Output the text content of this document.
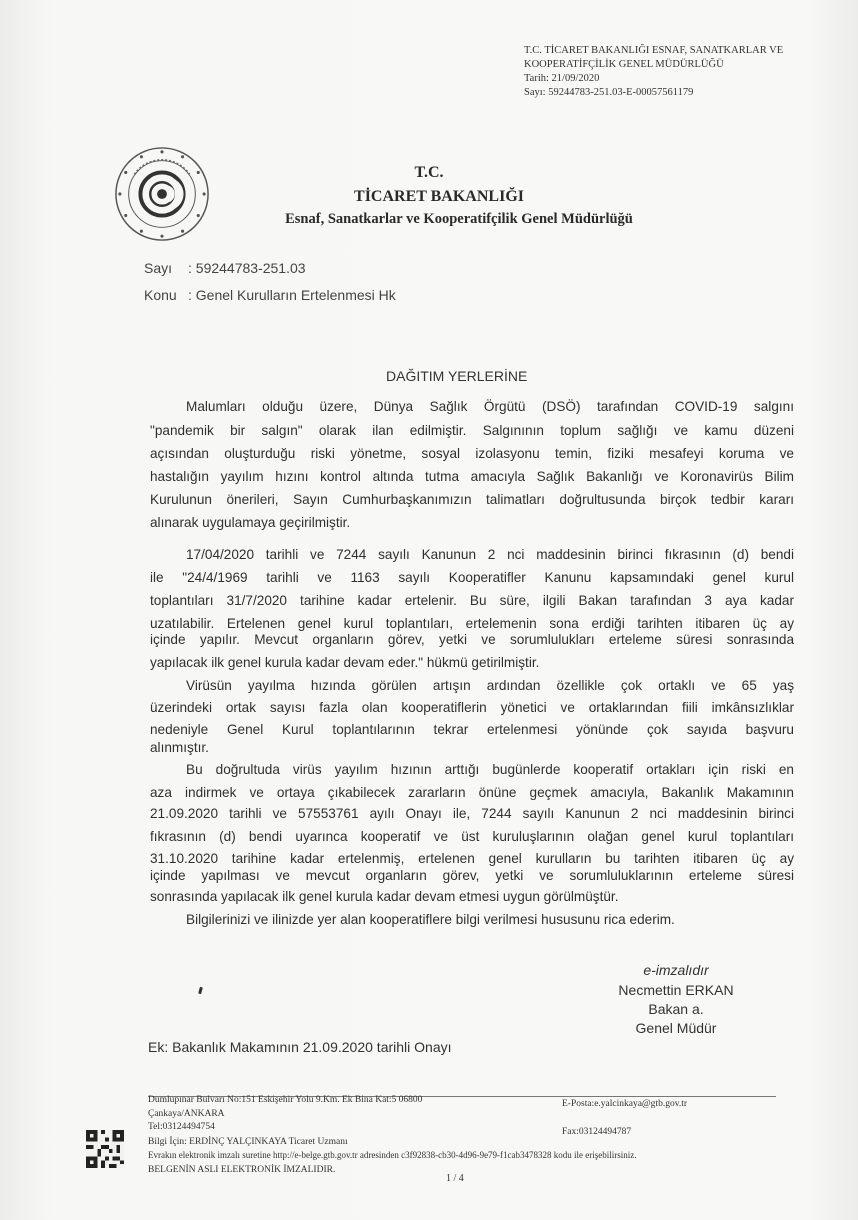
T.C. TİCARET BAKANLIĞI ESNAF, SANATKARLAR VE
KOOPERATİFÇİLİK GENEL MÜDÜRLÜĞÜ
Tarih: 21/09/2020
Sayı: 59244783-251.03-E-00057561179
T.C.
TİCARET BAKANLIĞI
Esnaf, Sanatkarlar ve Kooperatifçilik Genel Müdürlüğü
Sayı : 59244783-251.03
Konu : Genel Kurulların Ertelenmesi Hk
DAĞITIM YERLERİNE
Malumları olduğu üzere, Dünya Sağlık Örgütü (DSÖ) tarafından COVID-19 salgını
"pandemik bir salgın" olarak ilan edilmiştir. Salgınının toplum sağlığı ve kamu düzeni
açısından oluşturduğu riski yönetme, sosyal izolasyonu temin, fiziki mesafeyi koruma ve
hastalığın yayılım hızını kontrol altında tutma amacıyla Sağlık Bakanlığı ve Koronavirüs Bilim
Kurulunun önerileri, Sayın Cumhurbaşkanımızın talimatları doğrultusunda birçok tedbir kararı
alınarak uygulamaya geçirilmiştir.
17/04/2020 tarihli ve 7244 sayılı Kanunun 2 nci maddesinin birinci fıkrasının (d) bendi
ile "24/4/1969 tarihli ve 1163 sayılı Kooperatifler Kanunu kapsamındaki genel kurul
toplantıları 31/7/2020 tarihine kadar ertelenir. Bu süre, ilgili Bakan tarafından 3 aya kadar
uzatılabilir. Ertelenen genel kurul toplantıları, ertelemenin sona erdiği tarihten itibaren üç ay
içinde yapılır. Mevcut organların görev, yetki ve sorumlulukları erteleme süresi sonrasında
yapılacak ilk genel kurula kadar devam eder." hükmü getirilmiştir.
Virüsün yayılma hızında görülen artışın ardından özellikle çok ortaklı ve 65 yaş
üzerindeki ortak sayısı fazla olan kooperatiflerin yönetici ve ortaklarından fiili imkânsızlıklar
nedeniyle Genel Kurul toplantılarının tekrar ertelenmesi yönünde çok sayıda başvuru
alınmıştır.
Bu doğrultuda virüs yayılım hızının arttığı bugünlerde kooperatif ortakları için riski en
aza indirmek ve ortaya çıkabilecek zararların önüne geçmek amacıyla, Bakanlık Makamının
21.09.2020 tarihli ve 57553761 ayılı Onayı ile, 7244 sayılı Kanunun 2 nci maddesinin birinci
fıkrasının (d) bendi uyarınca kooperatif ve üst kuruluşlarının olağan genel kurul toplantıları
31.10.2020 tarihine kadar ertelenmiş, ertelenen genel kurulların bu tarihten itibaren üç ay
içinde yapılması ve mevcut organların görev, yetki ve sorumluluklarının erteleme süresi
sonrasında yapılacak ilk genel kurula kadar devam etmesi uygun görülmüştür.
Bilgilerinizi ve ilinizde yer alan kooperatiflere bilgi verilmesi hususunu rica ederim.
e-imzalıdır
Necmettin ERKAN
Bakan a.
Genel Müdür
Ek: Bakanlık Makamının 21.09.2020 tarihli Onayı
Dumlupınar Bulvarı No:151 Eskişehir Yolu 9.Km. Ek Bina Kat:5 06800	E-Posta:e.yalcinkaya@gtb.gov.tr
Çankaya/ANKARA
Tel:03124494754	Fax:03124494787
Bilgi İçin: ERDİNÇ YALÇINKAYA Ticaret Uzmanı
Evrakın elektronik imzalı suretine http://e-belge.gtb.gov.tr adresinden c3f92838-cb30-4d96-9e79-f1cab3478328 kodu ile erişebilirsiniz.
BELGENİN ASLI ELEKTRONİK İMZALIDIR.
1 / 4
